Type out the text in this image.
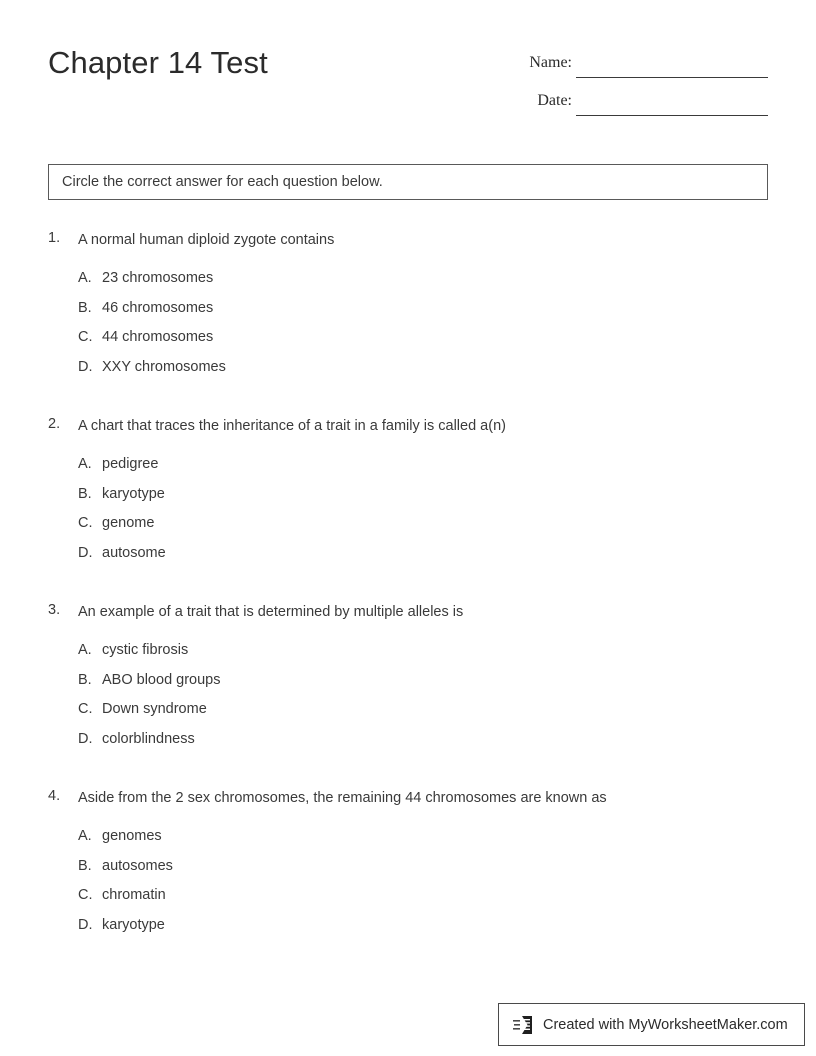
Chapter 14 Test	Name:
Date:
Circle the correct answer for each question below.
1.	A normal human diploid zygote contains
A. 23 chromosomes
B. 46 chromosomes
C. 44 chromosomes
D. XXY chromosomes
2.	A chart that traces the inheritance of a trait in a family is called a(n)
A. pedigree
B. karyotype
C. genome
D. autosome
3.	An example of a trait that is determined by multiple alleles is
A. cystic fibrosis
B. ABO blood groups
C. Down syndrome
D. colorblindness
4.	Aside from the 2 sex chromosomes, the remaining 44 chromosomes are known as
A. genomes
B. autosomes
C. chromatin
D. karyotype
Created with MyWorksheetMaker.com
